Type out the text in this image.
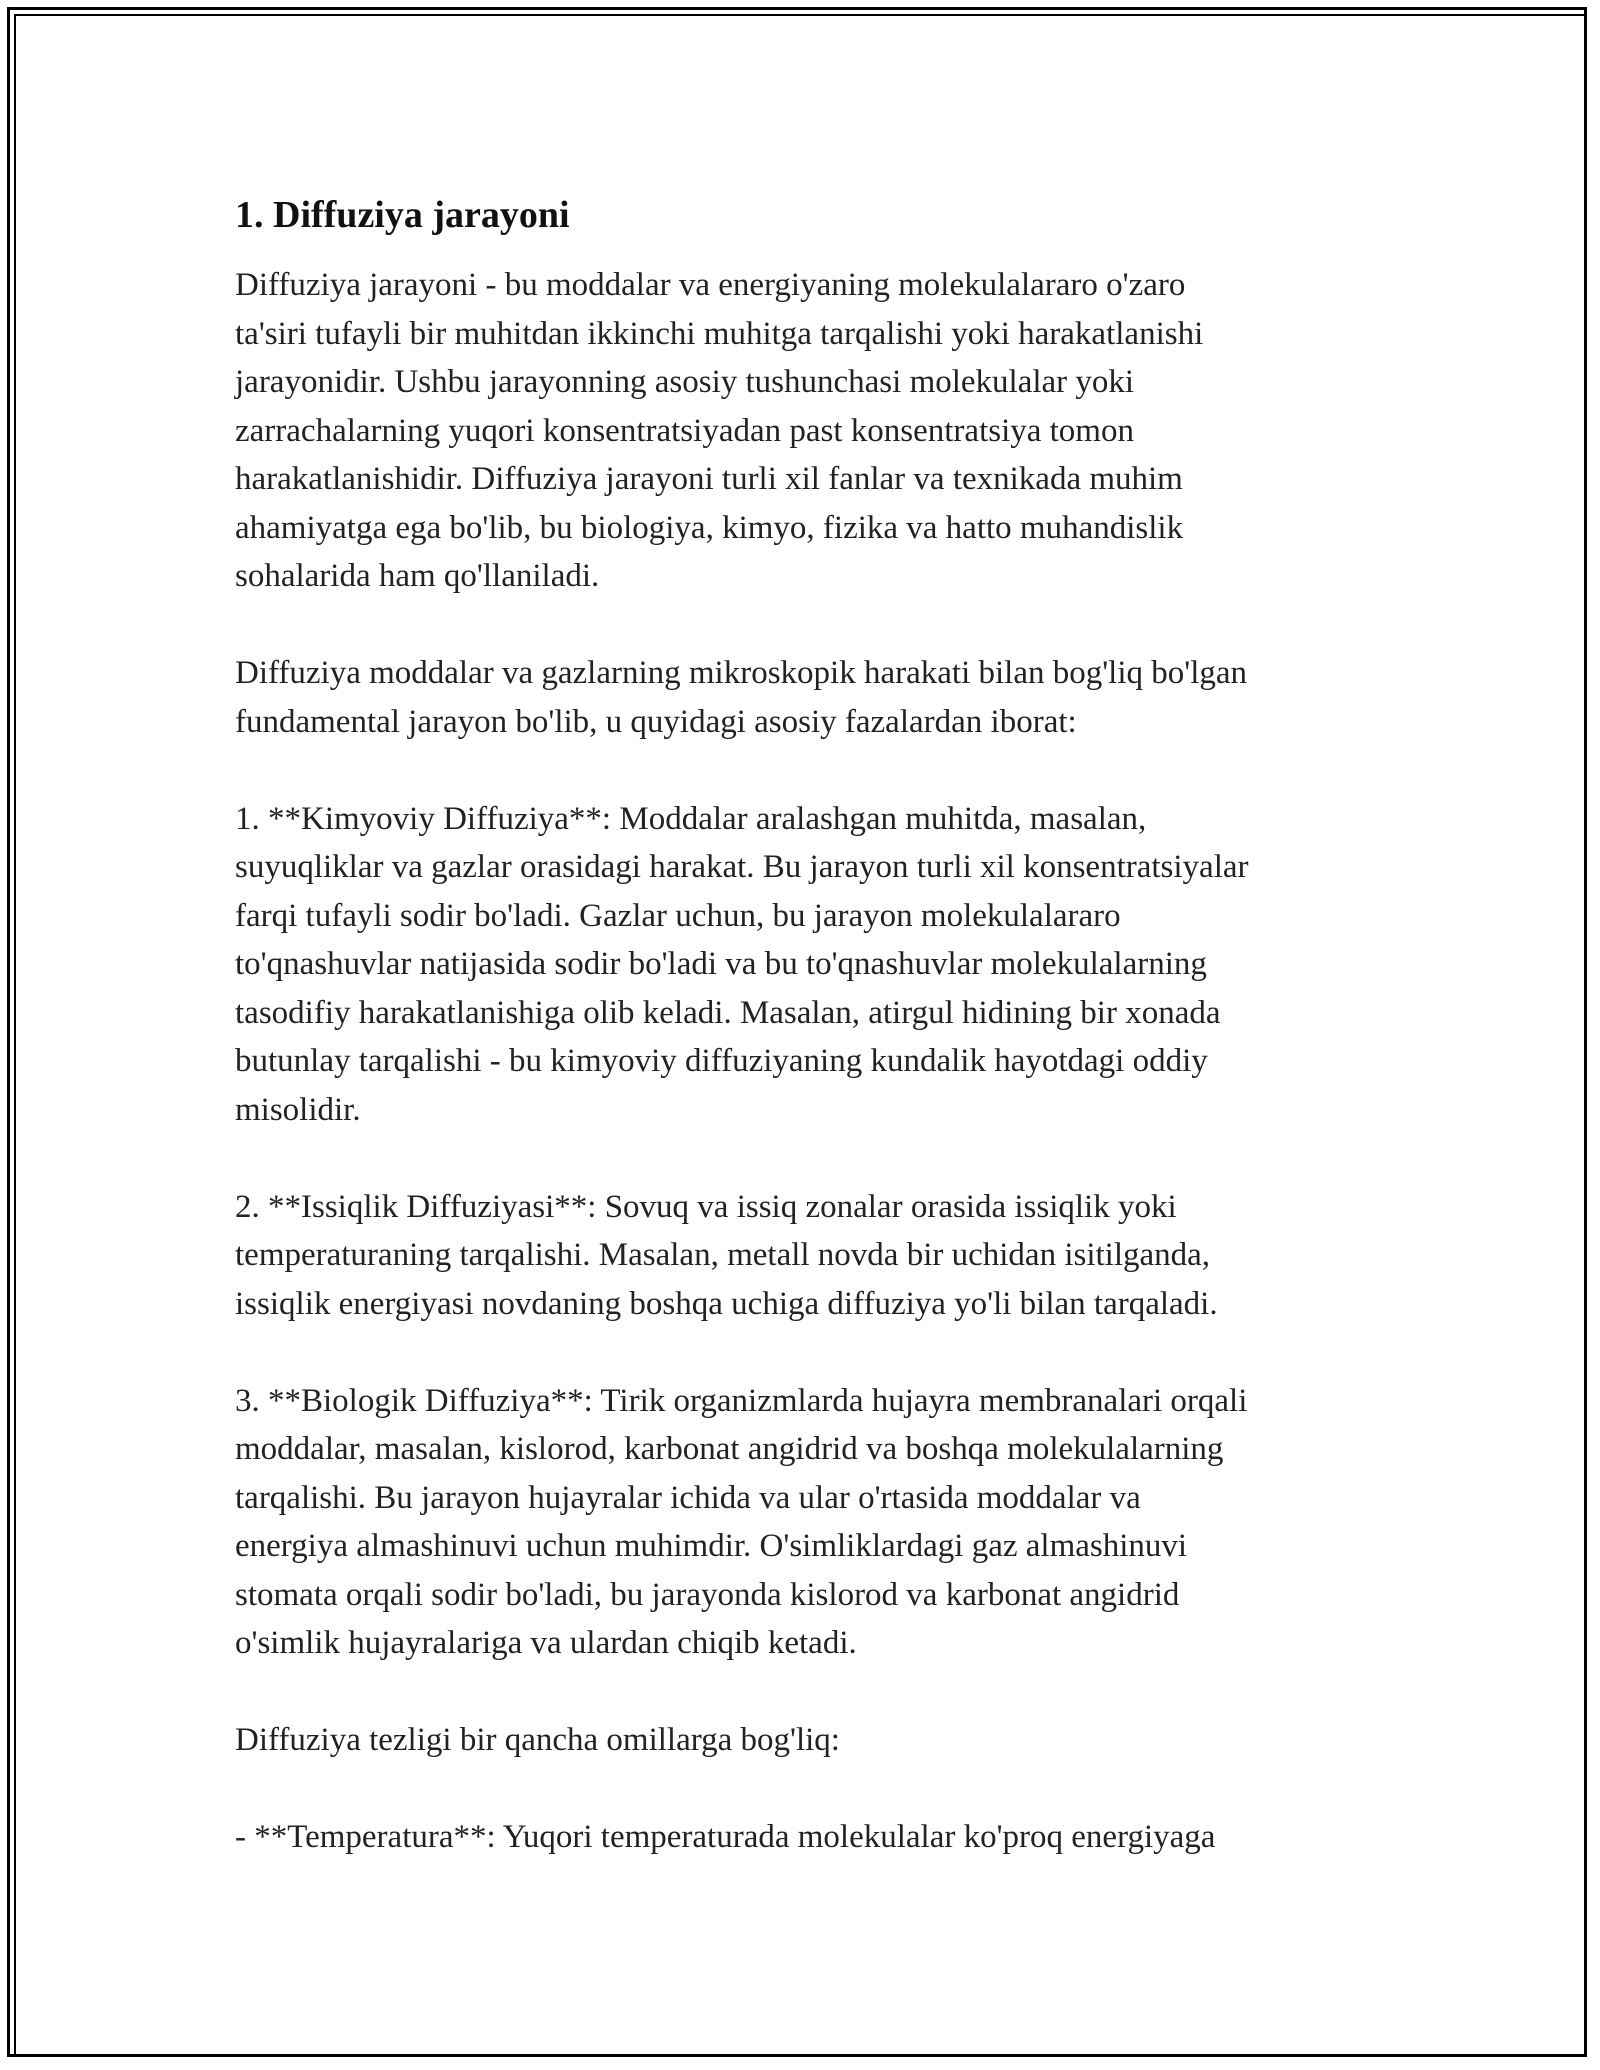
1. Diffuziya jarayoni

Diffuziya jarayoni - bu moddalar va energiyaning molekulalararo o'zaro
ta'siri tufayli bir muhitdan ikkinchi muhitga tarqalishi yoki harakatlanishi
jarayonidir. Ushbu jarayonning asosiy tushunchasi molekulalar yoki
zarrachalarning yuqori konsentratsiyadan past konsentratsiya tomon
harakatlanishidir. Diffuziya jarayoni turli xil fanlar va texnikada muhim
ahamiyatga ega bo'lib, bu biologiya, kimyo, fizika va hatto muhandislik
sohalarida ham qo'llaniladi.

Diffuziya moddalar va gazlarning mikroskopik harakati bilan bog'liq bo'lgan
fundamental jarayon bo'lib, u quyidagi asosiy fazalardan iborat:

1. **Kimyoviy Diffuziya**: Moddalar aralashgan muhitda, masalan,
suyuqliklar va gazlar orasidagi harakat. Bu jarayon turli xil konsentratsiyalar
farqi tufayli sodir bo'ladi. Gazlar uchun, bu jarayon molekulalararo
to'qnashuvlar natijasida sodir bo'ladi va bu to'qnashuvlar molekulalarning
tasodifiy harakatlanishiga olib keladi. Masalan, atirgul hidining bir xonada
butunlay tarqalishi - bu kimyoviy diffuziyaning kundalik hayotdagi oddiy
misolidir.

2. **Issiqlik Diffuziyasi**: Sovuq va issiq zonalar orasida issiqlik yoki
temperaturaning tarqalishi. Masalan, metall novda bir uchidan isitilganda,
issiqlik energiyasi novdaning boshqa uchiga diffuziya yo'li bilan tarqaladi.

3. **Biologik Diffuziya**: Tirik organizmlarda hujayra membranalari orqali
moddalar, masalan, kislorod, karbonat angidrid va boshqa molekulalarning
tarqalishi. Bu jarayon hujayralar ichida va ular o'rtasida moddalar va
energiya almashinuvi uchun muhimdir. O'simliklardagi gaz almashinuvi
stomata orqali sodir bo'ladi, bu jarayonda kislorod va karbonat angidrid
o'simlik hujayralariga va ulardan chiqib ketadi.

Diffuziya tezligi bir qancha omillarga bog'liq:

- **Temperatura**: Yuqori temperaturada molekulalar ko'proq energiyaga
